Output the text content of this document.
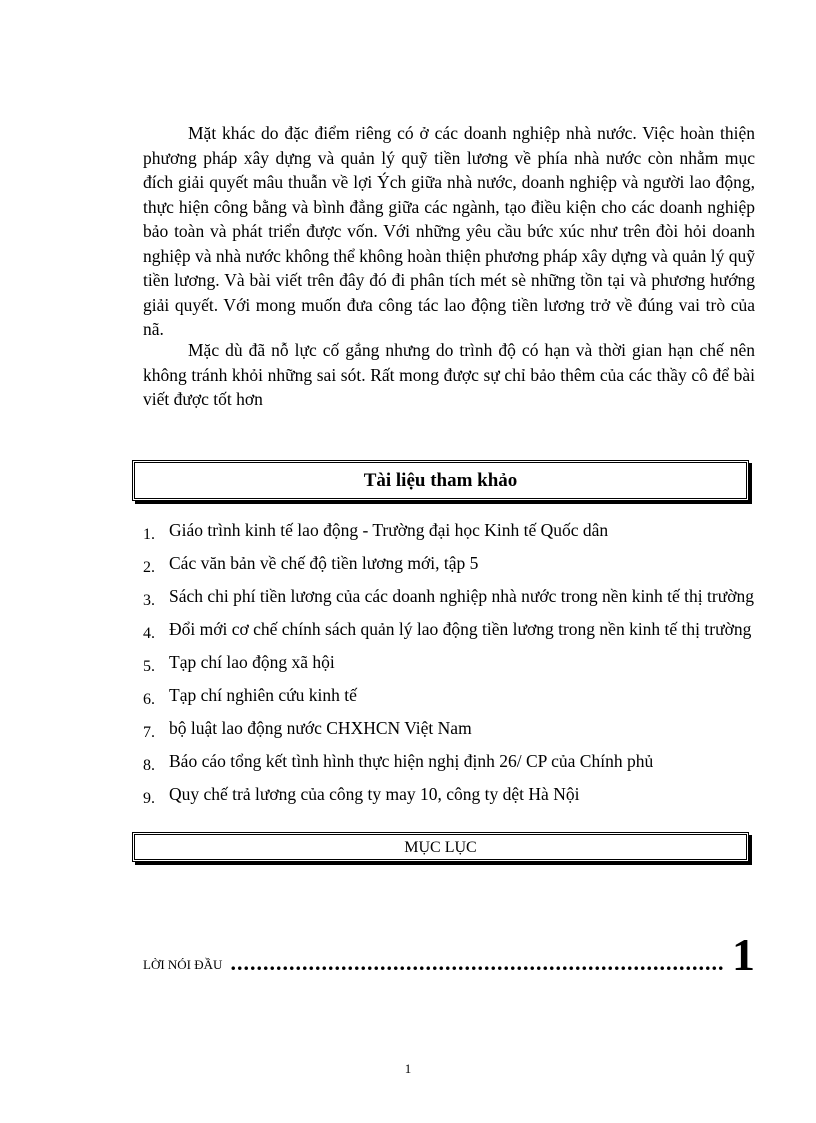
Mặt khác do đặc điểm riêng có ở các doanh nghiệp nhà nước. Việc hoàn thiện phương pháp xây dựng và quản lý quỹ tiền lương về phía nhà nước còn nhằm mục đích giải quyết mâu thuẫn về lợi Ých giữa nhà nước, doanh nghiệp và người lao động, thực hiện công bằng và bình đẳng giữa các ngành, tạo điều kiện cho các doanh nghiệp bảo toàn và phát triển được vốn. Với những yêu cầu bức xúc như trên đòi hỏi doanh nghiệp và nhà nước không thể không hoàn thiện phương pháp xây dựng và quản lý quỹ tiền lương. Và bài viết trên đây đó đi phân tích mét sè những tồn tại và phương hướng giải quyết. Với mong muốn đưa công tác lao động tiền lương trở về đúng vai trò của nã.

Mặc dù đã nỗ lực cố gắng nhưng do trình độ có hạn và thời gian hạn chế nên không tránh khỏi những sai sót. Rất mong được sự chỉ bảo thêm của các thầy cô để bài viết được tốt hơn

Tài liệu tham khảo
1. Giáo trình kinh tế lao động - Trường đại học Kinh tế Quốc dân
2. Các văn bản về chế độ tiền lương mới, tập 5
3. Sách chi phí tiền lương của các doanh nghiệp nhà nước trong nền kinh tế thị trường
4. Đổi mới cơ chế chính sách quản lý lao động tiền lương trong nền kinh tế thị trường
5. Tạp chí lao động xã hội
6. Tạp chí nghiên cứu kinh tế
7. bộ luật lao động nước CHXHCN Việt Nam
8. Báo cáo tổng kết tình hình thực hiện nghị định 26/ CP của Chính phủ
9. Quy chế trả lương của công ty may 10, công ty dệt Hà Nội
MỤC LỤC
LỜI NÓI ĐẦU ............................................................................ 1
1
